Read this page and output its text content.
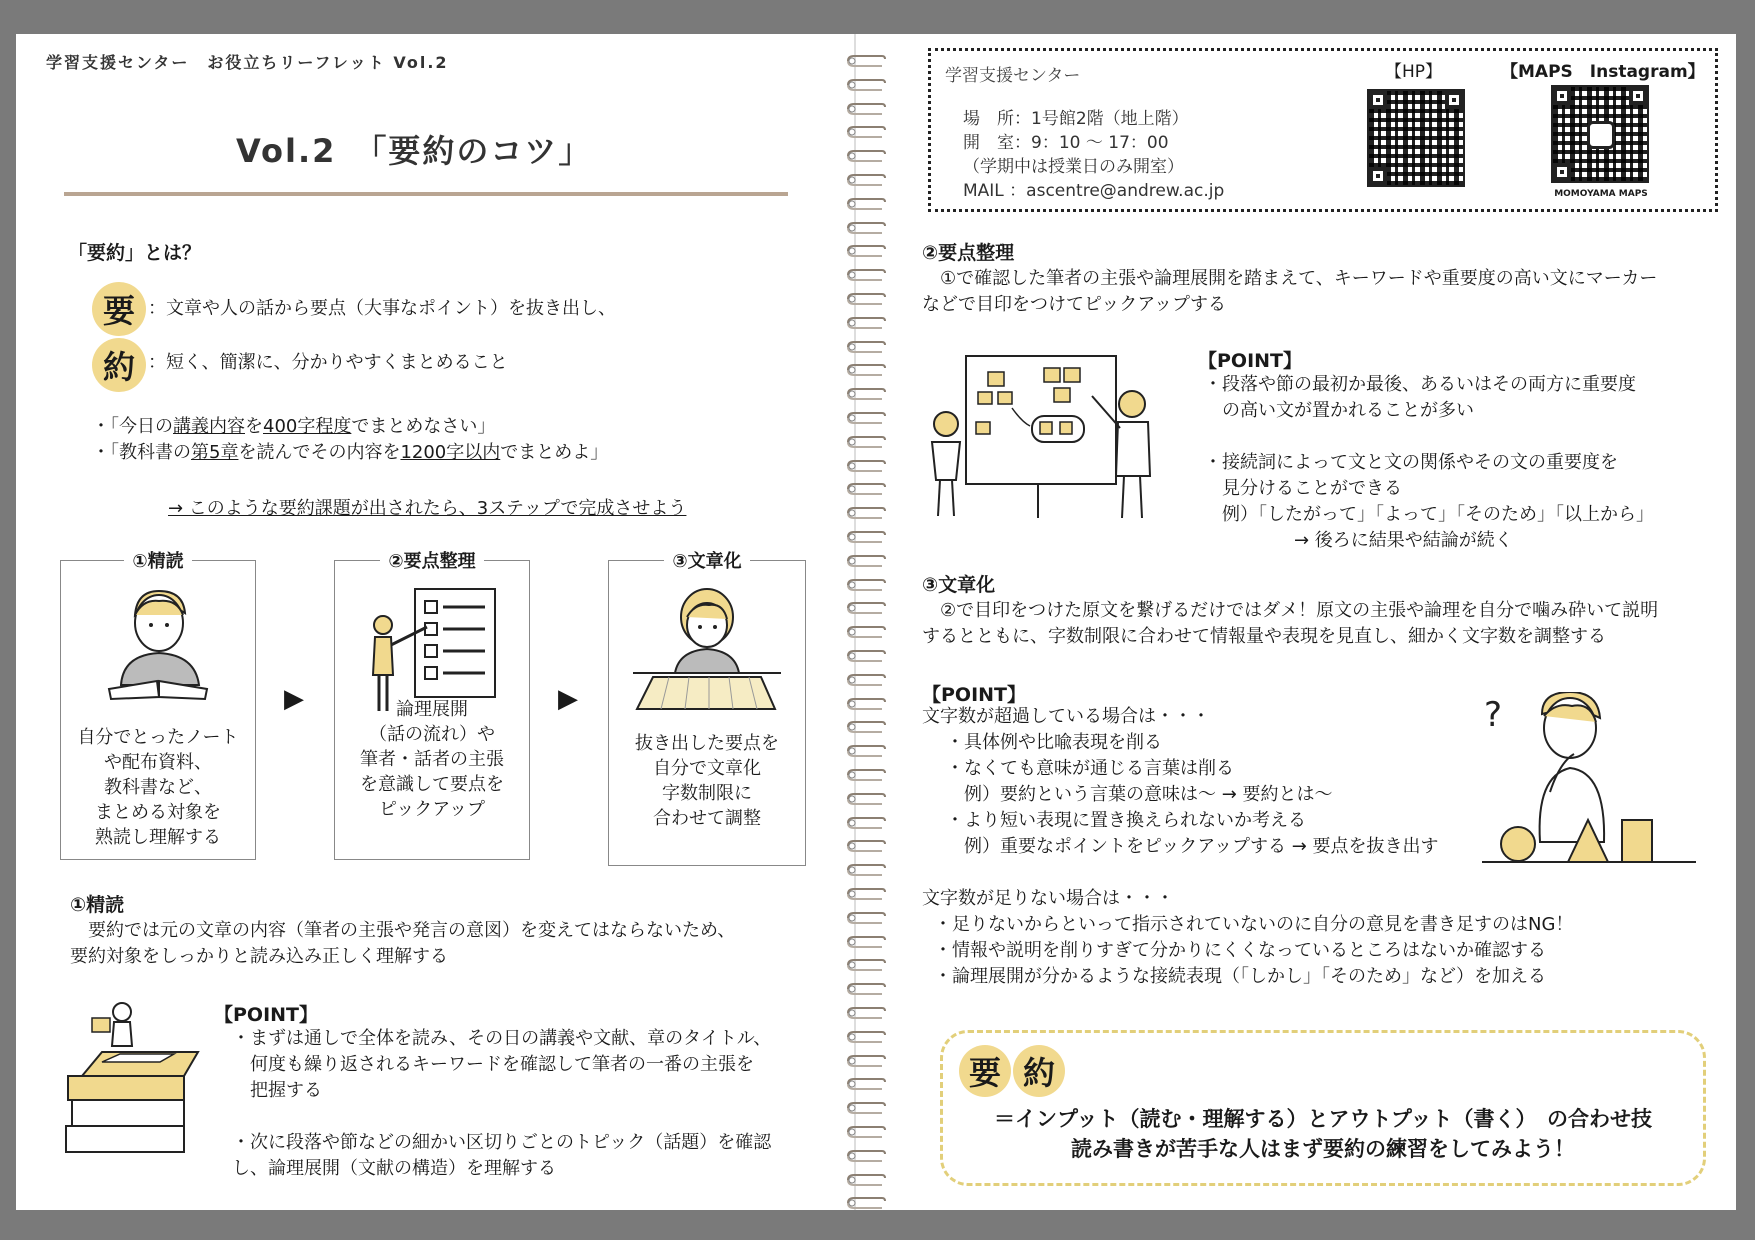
学習支援センター　お役立ちリーフレット Vol.2
Vol.2　「要約のコツ」
「要約」とは？
要 ：文章や人の話から要点（大事なポイント）を抜き出し、
約 ：短く、簡潔に、分かりやすくまとめること
・「今日の講義内容を400字程度でまとめなさい」
・「教科書の第5章を読んでその内容を1200字以内でまとめよ」
→ このような要約課題が出されたら、3ステップで完成させよう
①精読
自分でとったノート
や配布資料、
教科書など、
まとめる対象を
熟読し理解する
▶
②要点整理
論理展開
（話の流れ）や
筆者・話者の主張
を意識して要点を
ピックアップ
▶
③文章化
抜き出した要点を
自分で文章化
字数制限に
合わせて調整
①精読
　要約では元の文章の内容（筆者の主張や発言の意図）を変えてはならないため、
要約対象をしっかりと読み込み正しく理解する
【POINT】
・まずは通しで全体を読み、その日の講義や文献、章のタイトル、
　何度も繰り返されるキーワードを確認して筆者の一番の主張を
　把握する
・次に段落や節などの細かい区切りごとのトピック（話題）を確認
し、論理展開（文献の構造）を理解する
学習支援センター
場　所：1号館2階（地上階）
開　室：9：10 ～ 17：00
（学期中は授業日のみ開室）
MAIL ：ascentre@andrew.ac.jp
【HP】	【MAPS　Instagram】
MOMOYAMA MAPS
②要点整理
　①で確認した筆者の主張や論理展開を踏まえて、キーワードや重要度の高い文にマーカー
などで目印をつけてピックアップする
【POINT】
・段落や節の最初か最後、あるいはその両方に重要度
　の高い文が置かれることが多い
・接続詞によって文と文の関係やその文の重要度を
　見分けることができる
　例）「したがって」「よって」「そのため」「以上から」
　　　　　→ 後ろに結果や結論が続く
③文章化
　②で目印をつけた原文を繋げるだけではダメ！原文の主張や論理を自分で噛み砕いて説明
するとともに、字数制限に合わせて情報量や表現を見直し、細かく文字数を調整する
【POINT】
文字数が超過している場合は・・・
・具体例や比喩表現を削る
・なくても意味が通じる言葉は削る
　例）要約という言葉の意味は～ → 要約とは～
・より短い表現に置き換えられないか考える
　例）重要なポイントをピックアップする → 要点を抜き出す
?
文字数が足りない場合は・・・
・足りないからといって指示されていないのに自分の意見を書き足すのはNG！
・情報や説明を削りすぎて分かりにくくなっているところはないか確認する
・論理展開が分かるような接続表現（「しかし」「そのため」など）を加える
要 約
＝インプット（読む・理解する）とアウトプット（書く）　の合わせ技
読み書きが苦手な人はまず要約の練習をしてみよう！
